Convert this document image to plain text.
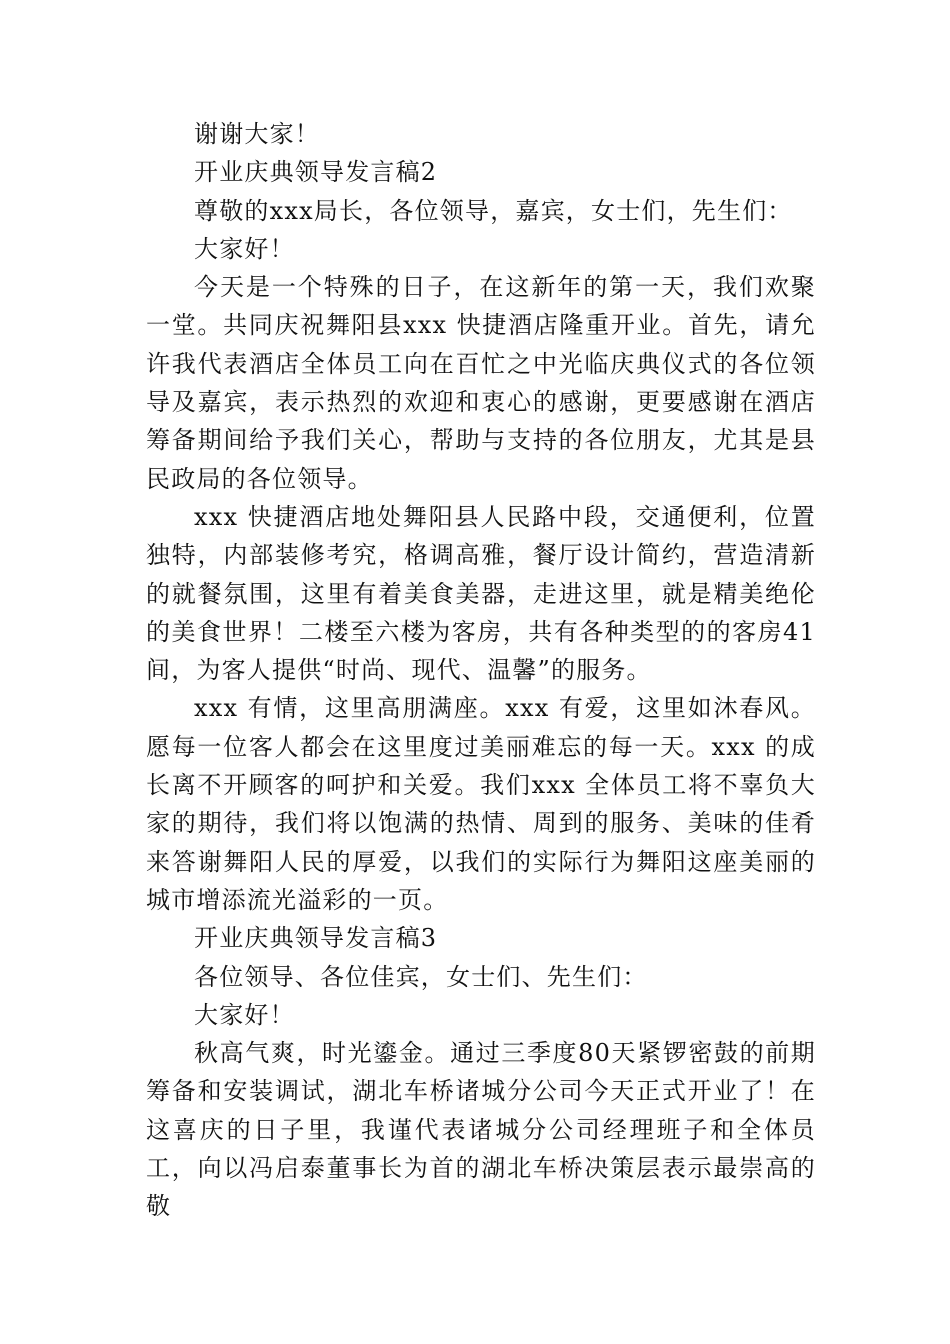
谢谢大家！

开业庆典领导发言稿2

尊敬的xxx局长，各位领导，嘉宾，女士们，先生们：

大家好！

今天是一个特殊的日子，在这新年的第一天，我们欢聚一堂。共同庆祝舞阳县xxx 快捷酒店隆重开业。首先，请允许我代表酒店全体员工向在百忙之中光临庆典仪式的各位领导及嘉宾，表示热烈的欢迎和衷心的感谢，更要感谢在酒店筹备期间给予我们关心，帮助与支持的各位朋友，尤其是县民政局的各位领导。

xxx 快捷酒店地处舞阳县人民路中段，交通便利，位置独特，内部装修考究，格调高雅，餐厅设计简约，营造清新的就餐氛围，这里有着美食美器，走进这里，就是精美绝伦的美食世界！二楼至六楼为客房，共有各种类型的的客房41间，为客人提供“时尚、现代、温馨”的服务。

xxx 有情，这里高朋满座。xxx 有爱，这里如沐春风。愿每一位客人都会在这里度过美丽难忘的每一天。xxx 的成长离不开顾客的呵护和关爱。我们xxx 全体员工将不辜负大家的期待，我们将以饱满的热情、周到的服务、美味的佳肴来答谢舞阳人民的厚爱，以我们的实际行为舞阳这座美丽的城市增添流光溢彩的一页。

开业庆典领导发言稿3

各位领导、各位佳宾，女士们、先生们：

大家好！

秋高气爽，时光鎏金。通过三季度80天紧锣密鼓的前期筹备和安装调试，湖北车桥诸城分公司今天正式开业了！在这喜庆的日子里，我谨代表诸城分公司经理班子和全体员工，向以冯启泰董事长为首的湖北车桥决策层表示最崇高的敬
